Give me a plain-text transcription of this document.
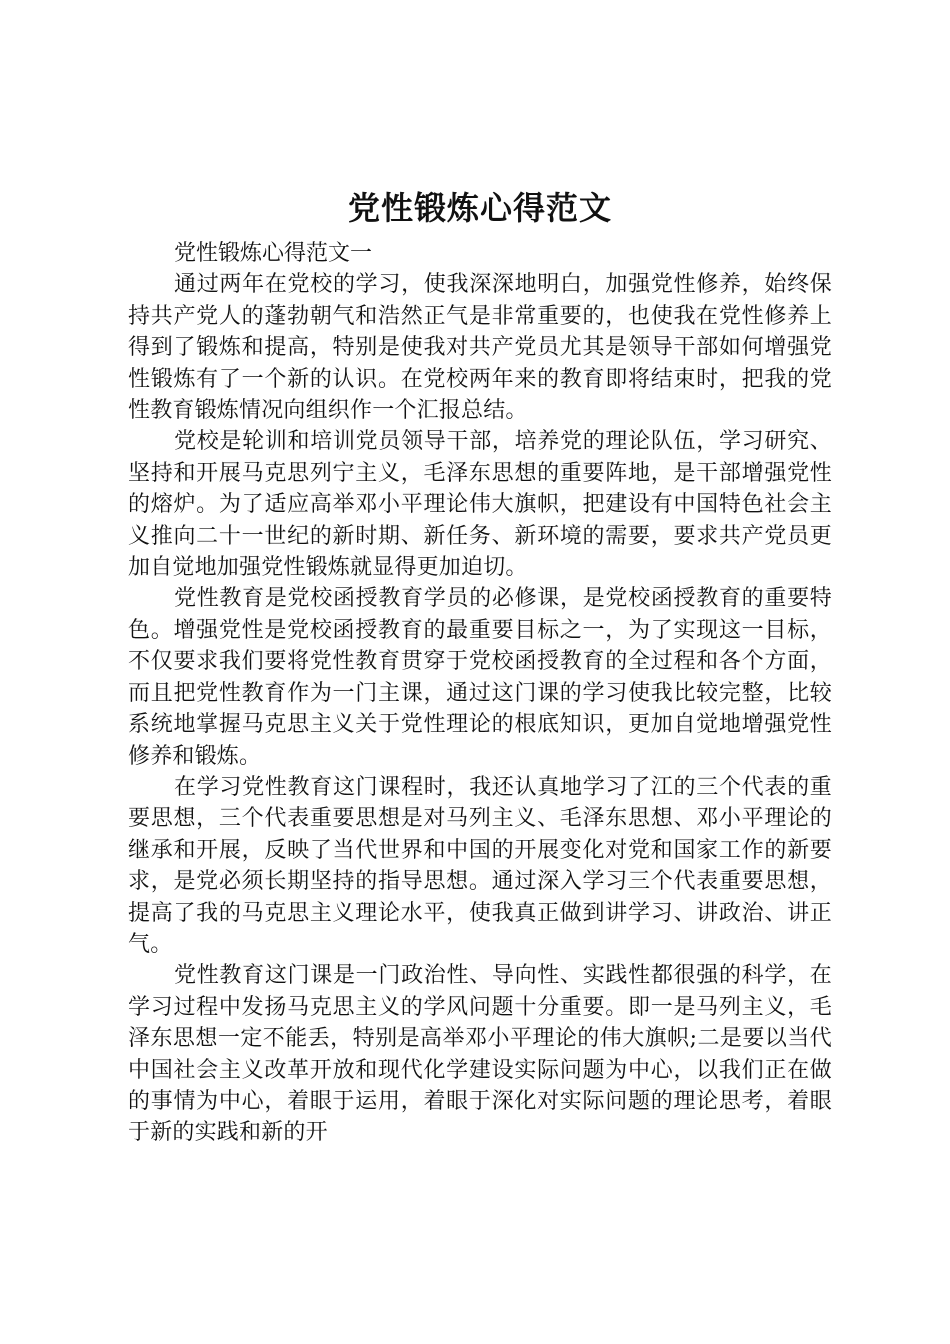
党性锻炼心得范文

党性锻炼心得范文一

通过两年在党校的学习，使我深深地明白，加强党性修养，始终保持共产党人的蓬勃朝气和浩然正气是非常重要的，也使我在党性修养上得到了锻炼和提高，特别是使我对共产党员尤其是领导干部如何增强党性锻炼有了一个新的认识。在党校两年来的教育即将结束时，把我的党性教育锻炼情况向组织作一个汇报总结。

党校是轮训和培训党员领导干部，培养党的理论队伍，学习研究、坚持和开展马克思列宁主义，毛泽东思想的重要阵地，是干部增强党性的熔炉。为了适应高举邓小平理论伟大旗帜，把建设有中国特色社会主义推向二十一世纪的新时期、新任务、新环境的需要，要求共产党员更加自觉地加强党性锻炼就显得更加迫切。

党性教育是党校函授教育学员的必修课，是党校函授教育的重要特色。增强党性是党校函授教育的最重要目标之一，为了实现这一目标，不仅要求我们要将党性教育贯穿于党校函授教育的全过程和各个方面，而且把党性教育作为一门主课，通过这门课的学习使我比较完整，比较系统地掌握马克思主义关于党性理论的根底知识，更加自觉地增强党性修养和锻炼。

在学习党性教育这门课程时，我还认真地学习了江的三个代表的重要思想，三个代表重要思想是对马列主义、毛泽东思想、邓小平理论的继承和开展，反映了当代世界和中国的开展变化对党和国家工作的新要求，是党必须长期坚持的指导思想。通过深入学习三个代表重要思想，提高了我的马克思主义理论水平，使我真正做到讲学习、讲政治、讲正气。

党性教育这门课是一门政治性、导向性、实践性都很强的科学，在学习过程中发扬马克思主义的学风问题十分重要。即一是马列主义，毛泽东思想一定不能丢，特别是高举邓小平理论的伟大旗帜;二是要以当代中国社会主义改革开放和现代化学建设实际问题为中心，以我们正在做的事情为中心，着眼于运用，着眼于深化对实际问题的理论思考，着眼于新的实践和新的开
